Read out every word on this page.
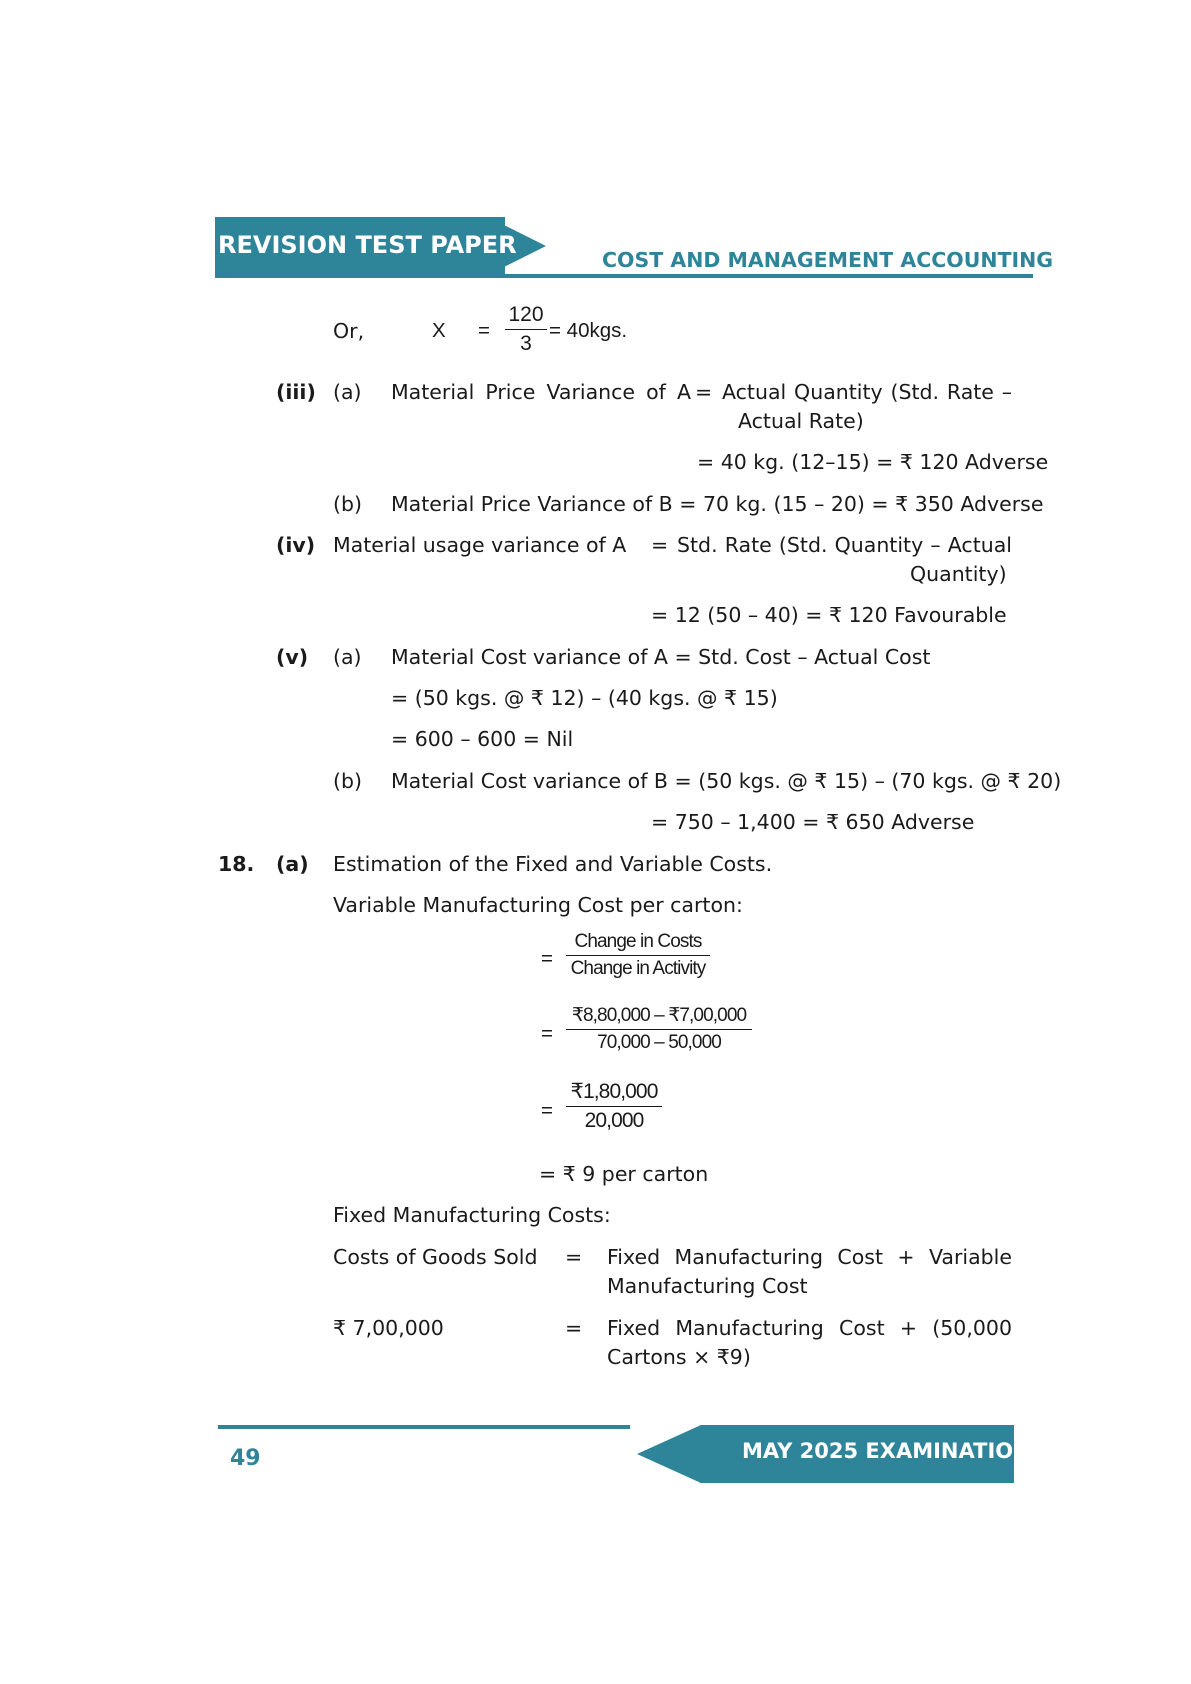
REVISION TEST PAPER
COST AND MANAGEMENT ACCOUNTING
Or,	X =
120
3
= 40kgs.
(iii) (a) Material Price Variance of A = Actual Quantity (Std. Rate –
Actual Rate)
= 40 kg. (12–15) = ₹ 120 Adverse
(b) Material Price Variance of B = 70 kg. (15 – 20) = ₹ 350 Adverse
(iv) Material usage variance of A = Std. Rate (Std. Quantity – Actual
Quantity)
= 12 (50 – 40) = ₹ 120 Favourable
(v) (a) Material Cost variance of A = Std. Cost – Actual Cost
= (50 kgs. @ ₹ 12) – (40 kgs. @ ₹ 15)
= 600 – 600 = Nil
(b) Material Cost variance of B = (50 kgs. @ ₹ 15) – (70 kgs. @ ₹ 20)
= 750 – 1,400 = ₹ 650 Adverse
18. (a) Estimation of the Fixed and Variable Costs.
Variable Manufacturing Cost per carton:
=
Change in Costs
Change in Activity
=
₹8,80,000 – ₹7,00,000
70,000 – 50,000
=
₹1,80,000
20,000
= ₹ 9 per carton
Fixed Manufacturing Costs:
Costs of Goods Sold = Fixed Manufacturing Cost + Variable
Manufacturing Cost
₹ 7,00,000	= Fixed Manufacturing Cost + (50,000
Cartons × ₹9)
MAY 2025 EXAMINATION
49
